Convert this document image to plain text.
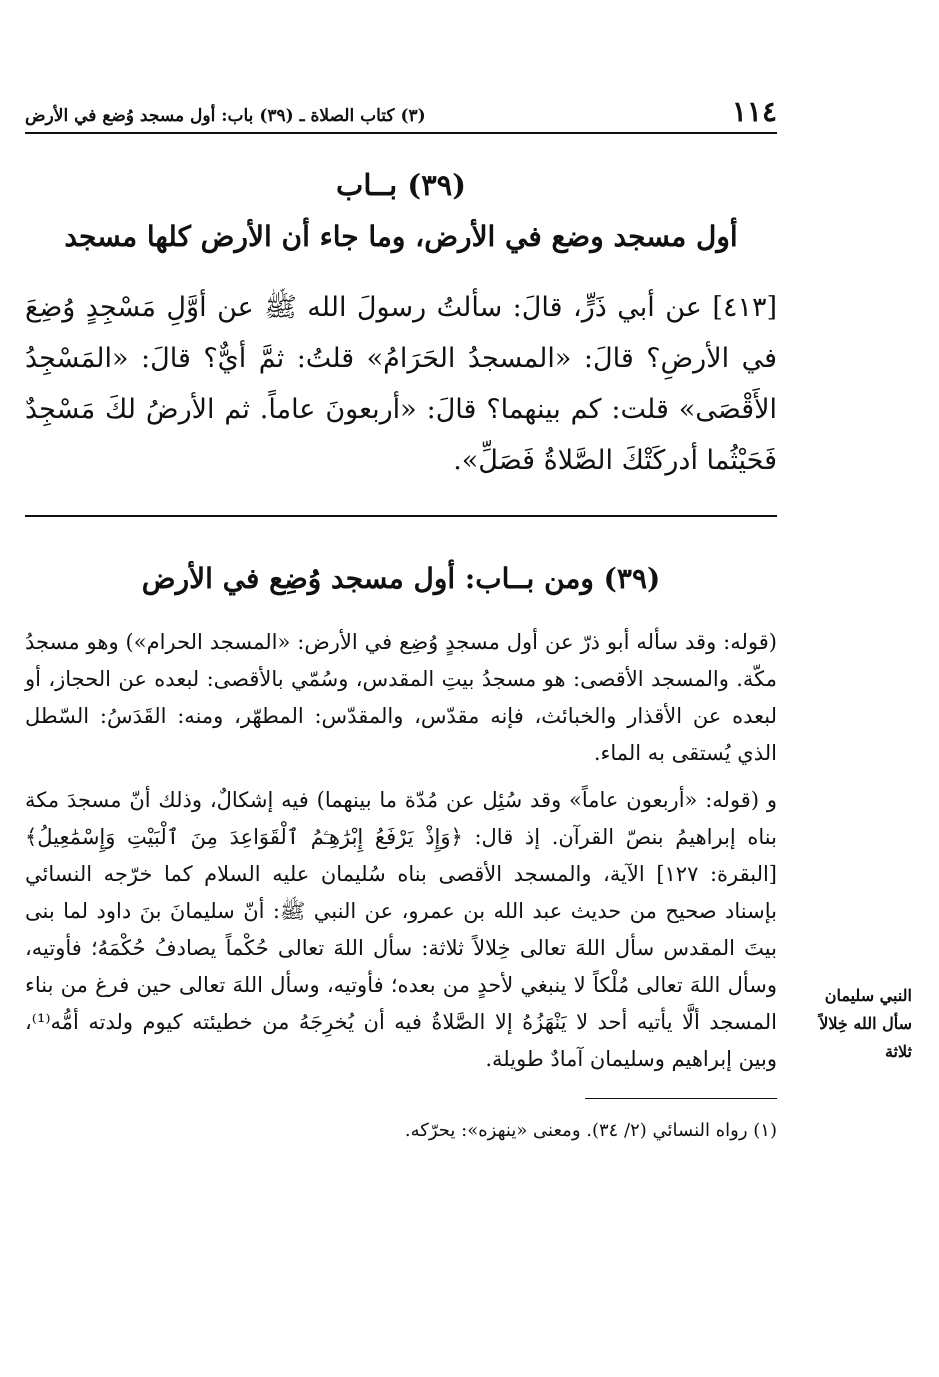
١١٤
(٣) كتاب الصلاة ـ (٣٩) باب: أول مسجد وُضع في الأرض
(٣٩) بــاب
أول مسجد وضع في الأرض، وما جاء أن الأرض كلها مسجد

[٤١٣] عن أبي ذَرٍّ، قالَ: سألتُ رسولَ الله ﷺ عن أوَّلِ مَسْجِدٍ وُضِعَ في الأرضِ؟ قالَ: «المسجدُ الحَرَامُ» قلتُ: ثمَّ أيٌّ؟ قالَ: «المَسْجِدُ الأَقْصَى» قلت: كم بينهما؟ قالَ: «أربعونَ عاماً. ثم الأرضُ لكَ مَسْجِدٌ فَحَيْثُما أدركَتْكَ الصَّلاةُ فَصَلِّ».

(٣٩) ومن بــاب: أول مسجد وُضِع في الأرض

(قوله: وقد سأله أبو ذرّ عن أول مسجدٍ وُضِع في الأرض: «المسجد الحرام») وهو مسجدُ مكّة. والمسجد الأقصى: هو مسجدُ بيتِ المقدس، وسُمّي بالأقصى: لبعده عن الحجاز، أو لبعده عن الأقذار والخبائث، فإنه مقدّس، والمقدّس: المطهّر، ومنه: القَدَسُ: السّطل الذي يُستقى به الماء.

و (قوله: «أربعون عاماً» وقد سُئِل عن مُدّة ما بينهما) فيه إشكالٌ، وذلك أنّ مسجدَ مكة بناه إبراهيمُ بنصّ القرآن. إذ قال: ﴿وَإِذْ يَرْفَعُ إِبْرَٰهِـۧمُ ٱلْقَوَاعِدَ مِنَ ٱلْبَيْتِ وَإِسْمَٰعِيلُ﴾ [البقرة: ١٢٧] الآية، والمسجد الأقصى بناه سُليمان عليه السلام كما خرّجه النسائي بإسناد صحيح من حديث عبد الله بن عمرو، عن النبي ﷺ: أنّ سليمانَ بنَ داود لما بنى بيتَ المقدس سأل اللهَ تعالى خِلالاً ثلاثة: سأل اللهَ تعالى حُكْماً يصادفُ حُكْمَهُ؛ فأوتيه، وسأل اللهَ تعالى مُلْكاً لا ينبغي لأحدٍ من بعده؛ فأوتيه، وسأل اللهَ تعالى حين فرغ من بناء المسجد ألَّا يأتيه أحد لا يَنْهَزُهُ إلا الصَّلاةُ فيه أن يُخرِجَهُ من خطيئته كيوم ولدته أمُّه⁽¹⁾، وبين إبراهيم وسليمان آمادٌ طويلة.

النبي سليمان
سأل الله خِلالاً
ثلاثة
(١) رواه النسائي (٢/ ٣٤). ومعنى «ينهزه»: يحرّكه.
